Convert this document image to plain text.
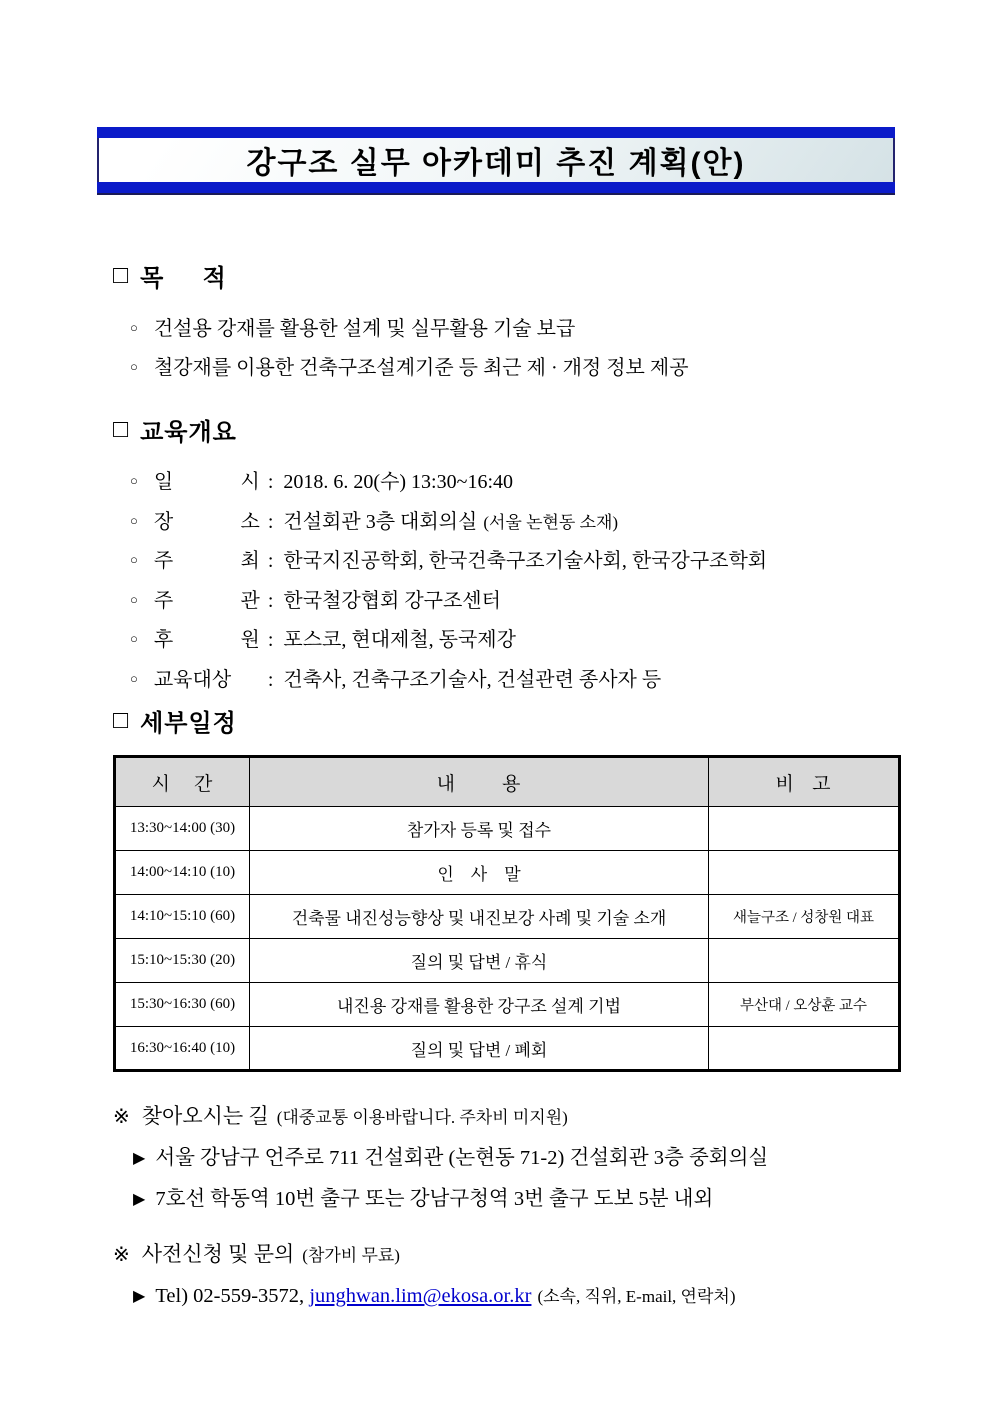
강구조 실무 아카데미 추진 계획(안)
□ 목     적
○ 건설용 강재를 활용한 설계 및 실무활용 기술 보급
○ 철강재를 이용한 건축구조설계기준 등 최근 제 · 개정 정보 제공
□ 교육개요
○ 일 시 : 2018. 6. 20(수) 13:30~16:40
○ 장 소 : 건설회관 3층 대회의실 (서울 논현동 소재)
○ 주 최 : 한국지진공학회, 한국건축구조기술사회, 한국강구조학회
○ 주 관 : 한국철강협회 강구조센터
○ 후 원 : 포스코, 현대제철, 동국제강
○ 교육대상 : 건축사, 건축구조기술사, 건설관련 종사자 등
□ 세부일정
시    간	내        용	비   고
13:30~14:00 (30)	참가자 등록 및 접수	
14:00~14:10 (10)	인    사    말	
14:10~15:10 (60)	건축물 내진성능향상 및 내진보강 사례 및 기술 소개	새늘구조 / 성창원 대표
15:10~15:30 (20)	질의 및 답변 / 휴식	
15:30~16:30 (60)	내진용 강재를 활용한 강구조 설계 기법	부산대 / 오상훈 교수
16:30~16:40 (10)	질의 및 답변 / 폐회	
※ 찾아오시는 길 (대중교통 이용바랍니다. 주차비 미지원)
▶ 서울 강남구 언주로 711 건설회관 (논현동 71-2) 건설회관 3층 중회의실
▶ 7호선 학동역 10번 출구 또는 강남구청역 3번 출구 도보 5분 내외
※ 사전신청 및 문의 (참가비 무료)
▶ Tel) 02-559-3572, junghwan.lim@ekosa.or.kr (소속, 직위, E-mail, 연락처)
